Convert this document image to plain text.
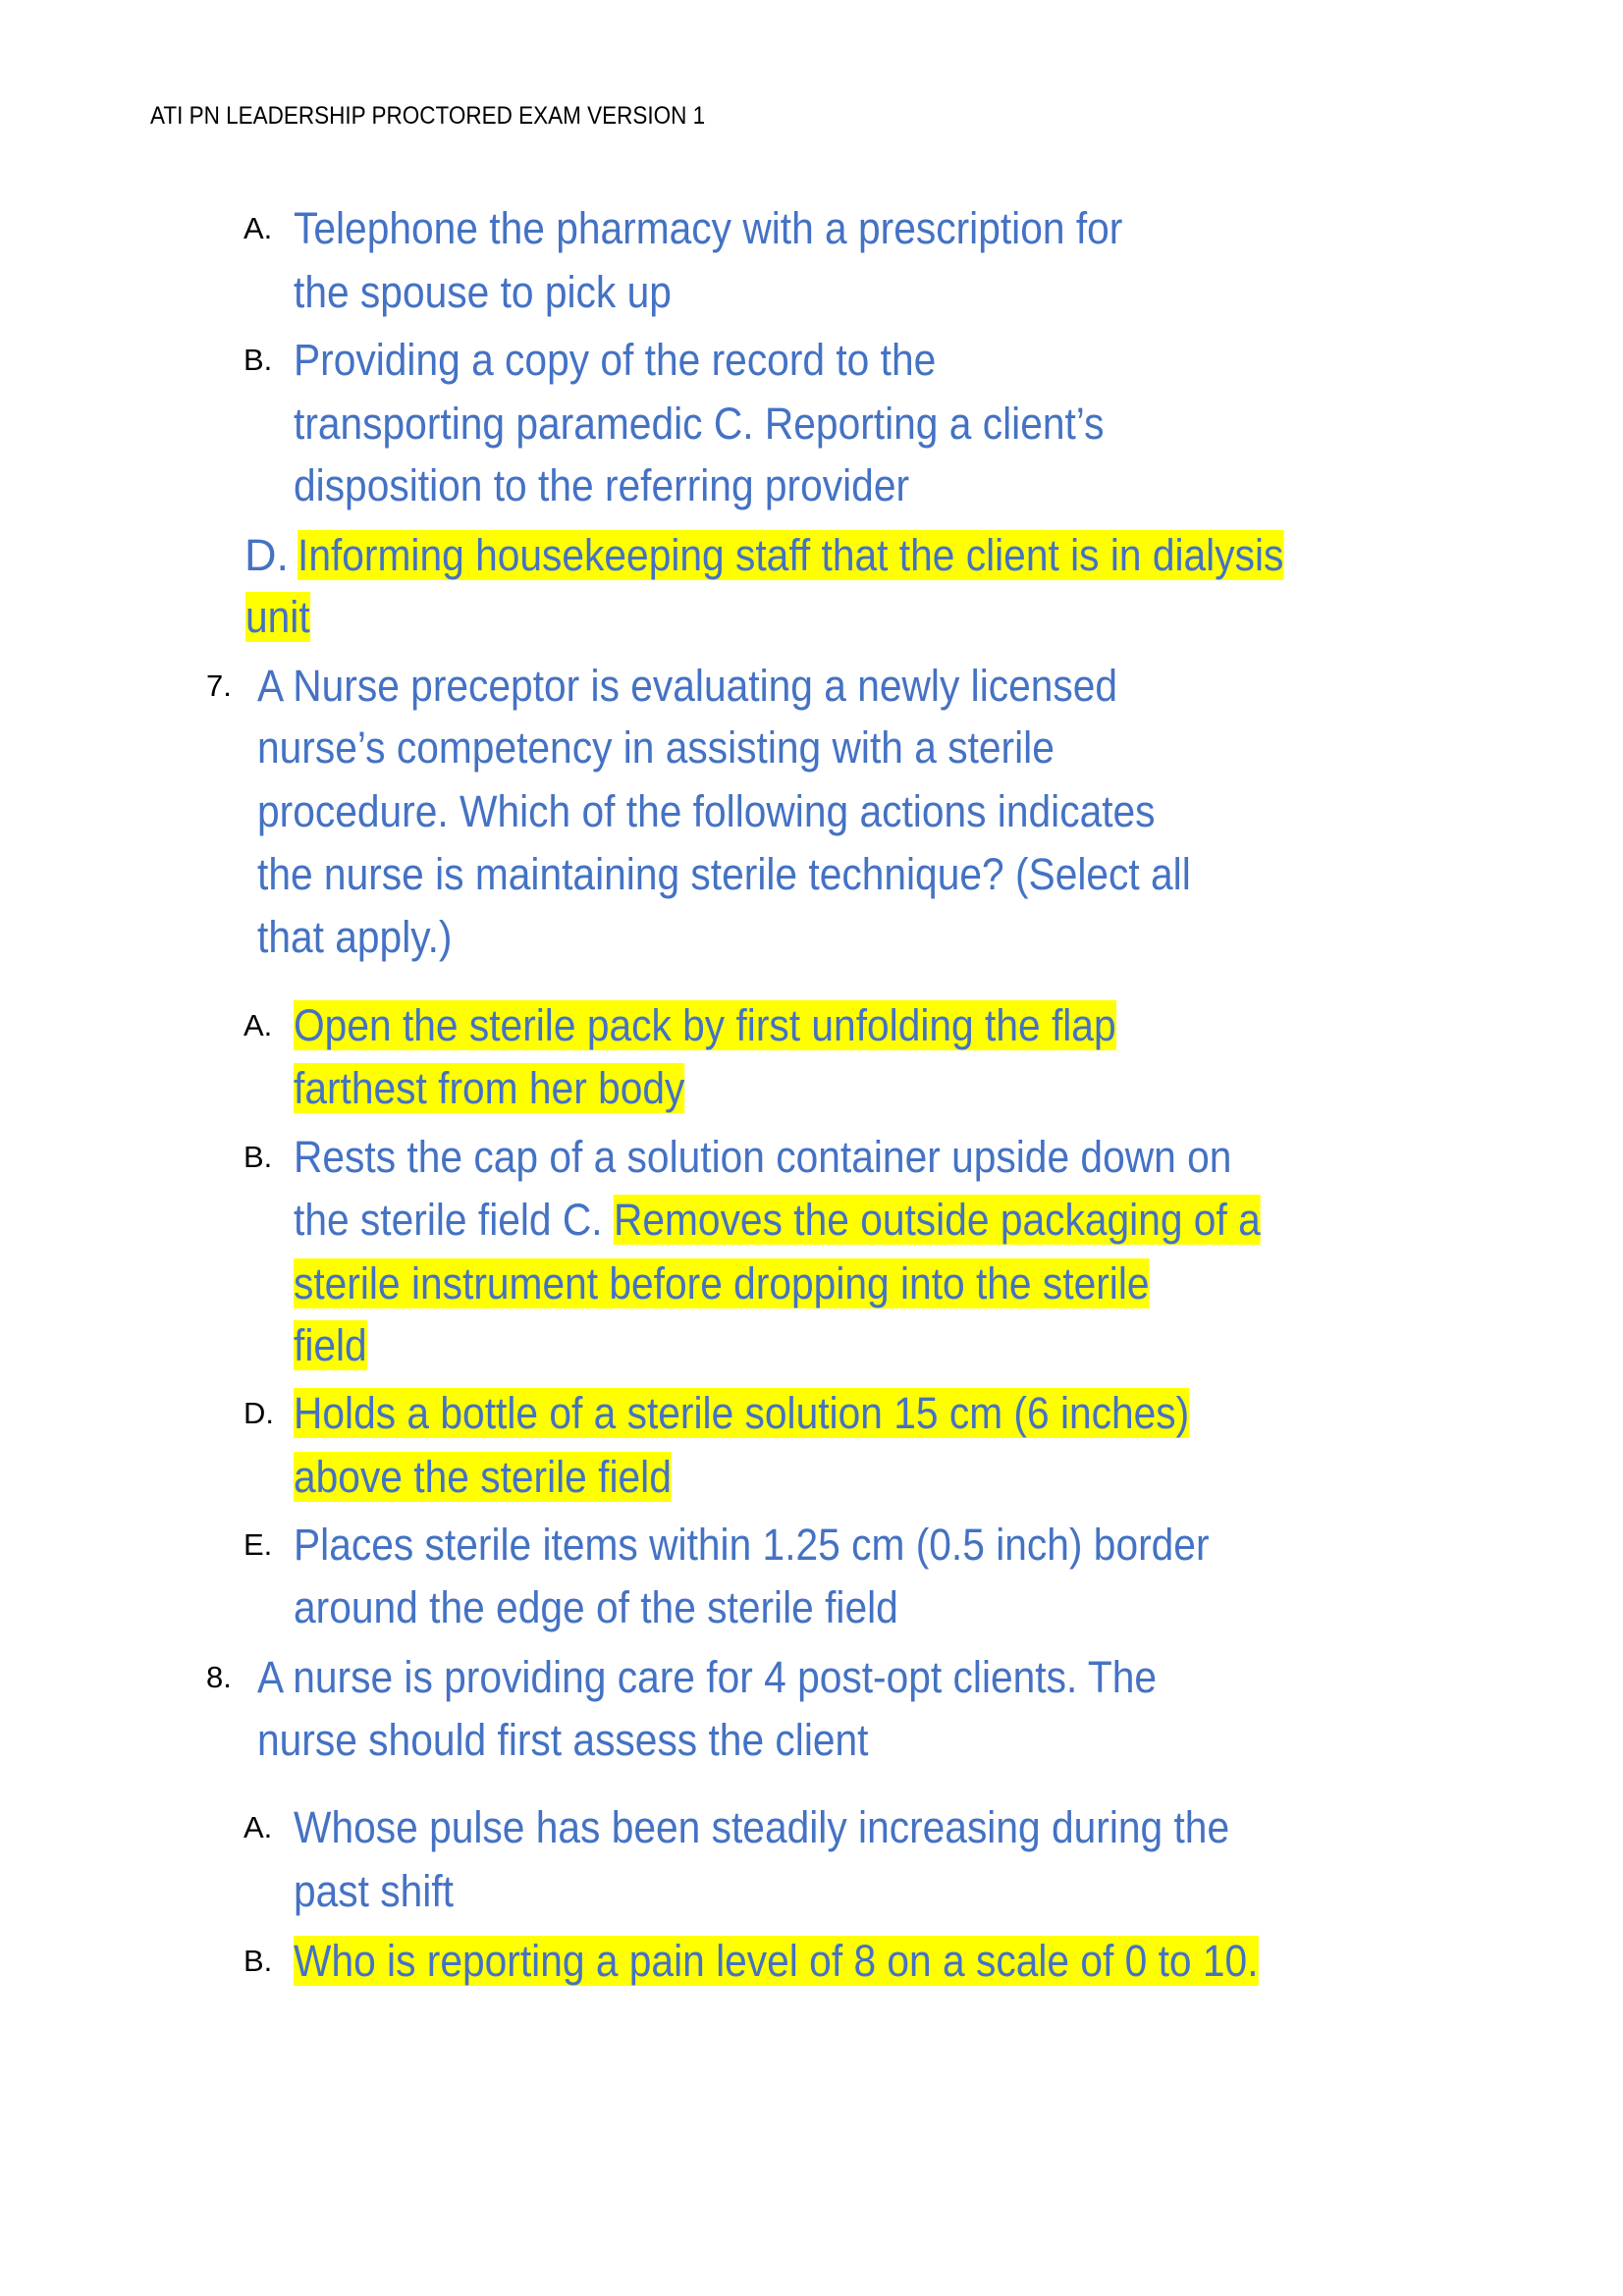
ATI PN LEADERSHIP PROCTORED EXAM VERSION 1
A. Telephone the pharmacy with a prescription for
the spouse to pick up
B. Providing a copy of the record to the
transporting paramedic C. Reporting a client’s
disposition to the referring provider
D. Informing housekeeping staff that the client is in dialysis
unit
7. A Nurse preceptor is evaluating a newly licensed
nurse’s competency in assisting with a sterile
procedure. Which of the following actions indicates
the nurse is maintaining sterile technique? (Select all
that apply.)
A. Open the sterile pack by first unfolding the flap
farthest from her body
B. Rests the cap of a solution container upside down on
the sterile field C. Removes the outside packaging of a
sterile instrument before dropping into the sterile
field
D. Holds a bottle of a sterile solution 15 cm (6 inches)
above the sterile field
E. Places sterile items within 1.25 cm (0.5 inch) border
around the edge of the sterile field
8. A nurse is providing care for 4 post-opt clients. The
nurse should first assess the client
A. Whose pulse has been steadily increasing during the
past shift
B. Who is reporting a pain level of 8 on a scale of 0 to 10.
